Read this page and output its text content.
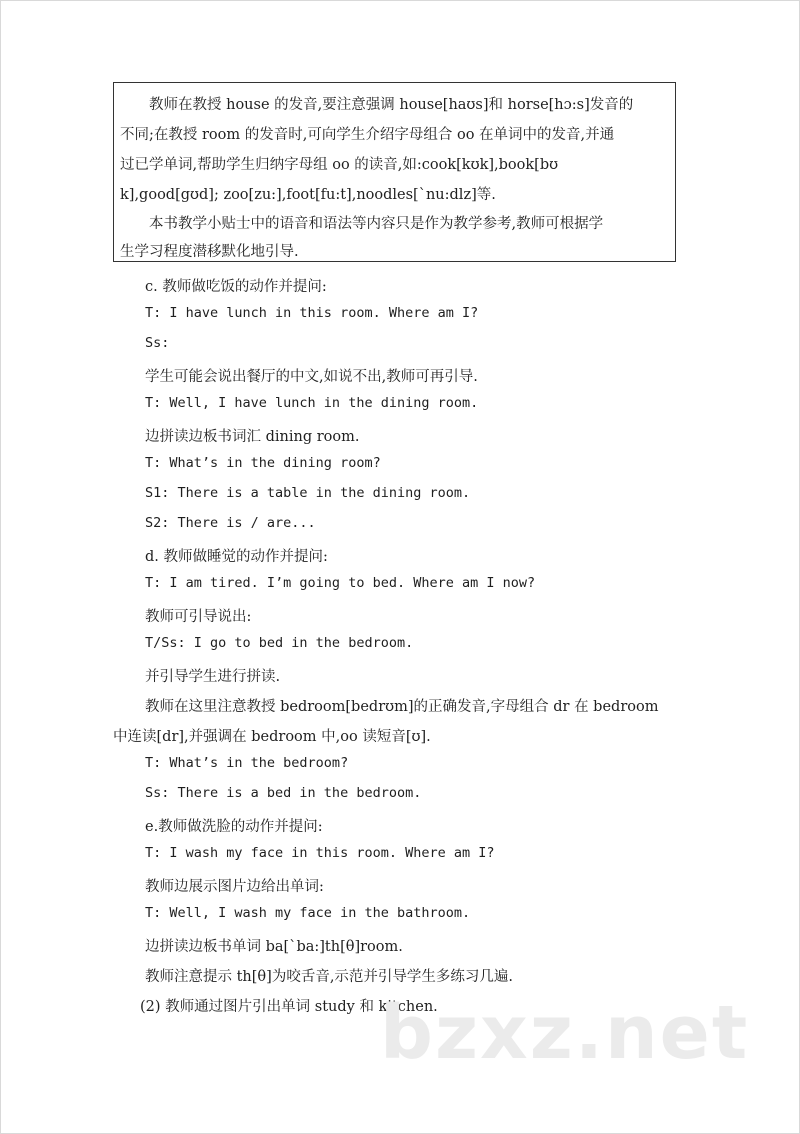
　　教师在教授 house 的发音,要注意强调 house[haʊs]和 horse[hɔ:s]发音的
不同;在教授 room 的发音时,可向学生介绍字母组合 oo 在单词中的发音,并通
过已学单词,帮助学生归纳字母组 oo 的读音,如:cook[kʊk],book[bʊ
k],good[gʊd]; zoo[zu:],foot[fu:t],noodles[`nu:dlz]等.
　　本书教学小贴士中的语音和语法等内容只是作为教学参考,教师可根据学
生学习程度潜移默化地引导.
c. 教师做吃饭的动作并提问:
T: I have lunch in this room. Where am I?
Ss:
学生可能会说出餐厅的中文,如说不出,教师可再引导.
T: Well, I have lunch in the dining room.
边拼读边板书词汇 dining room.
T: What’s in the dining room?
S1: There is a table in the dining room.
S2: There is / are...
d. 教师做睡觉的动作并提问:
T: I am tired. I’m going to bed. Where am I now?
教师可引导说出:
T/Ss: I go to bed in the bedroom.
并引导学生进行拼读.
教师在这里注意教授 bedroom[bedrʊm]的正确发音,字母组合 dr 在 bedroom
中连读[dr],并强调在 bedroom 中,oo 读短音[ʊ].
T: What’s in the bedroom?
Ss: There is a bed in the bedroom.
e.教师做洗脸的动作并提问:
T: I wash my face in this room. Where am I?
教师边展示图片边给出单词:
T: Well, I wash my face in the bathroom.
边拼读边板书单词 ba[`ba:]th[θ]room.
教师注意提示 th[θ]为咬舌音,示范并引导学生多练习几遍.
(2) 教师通过图片引出单词 study 和 kitchen.
bzxz.net
